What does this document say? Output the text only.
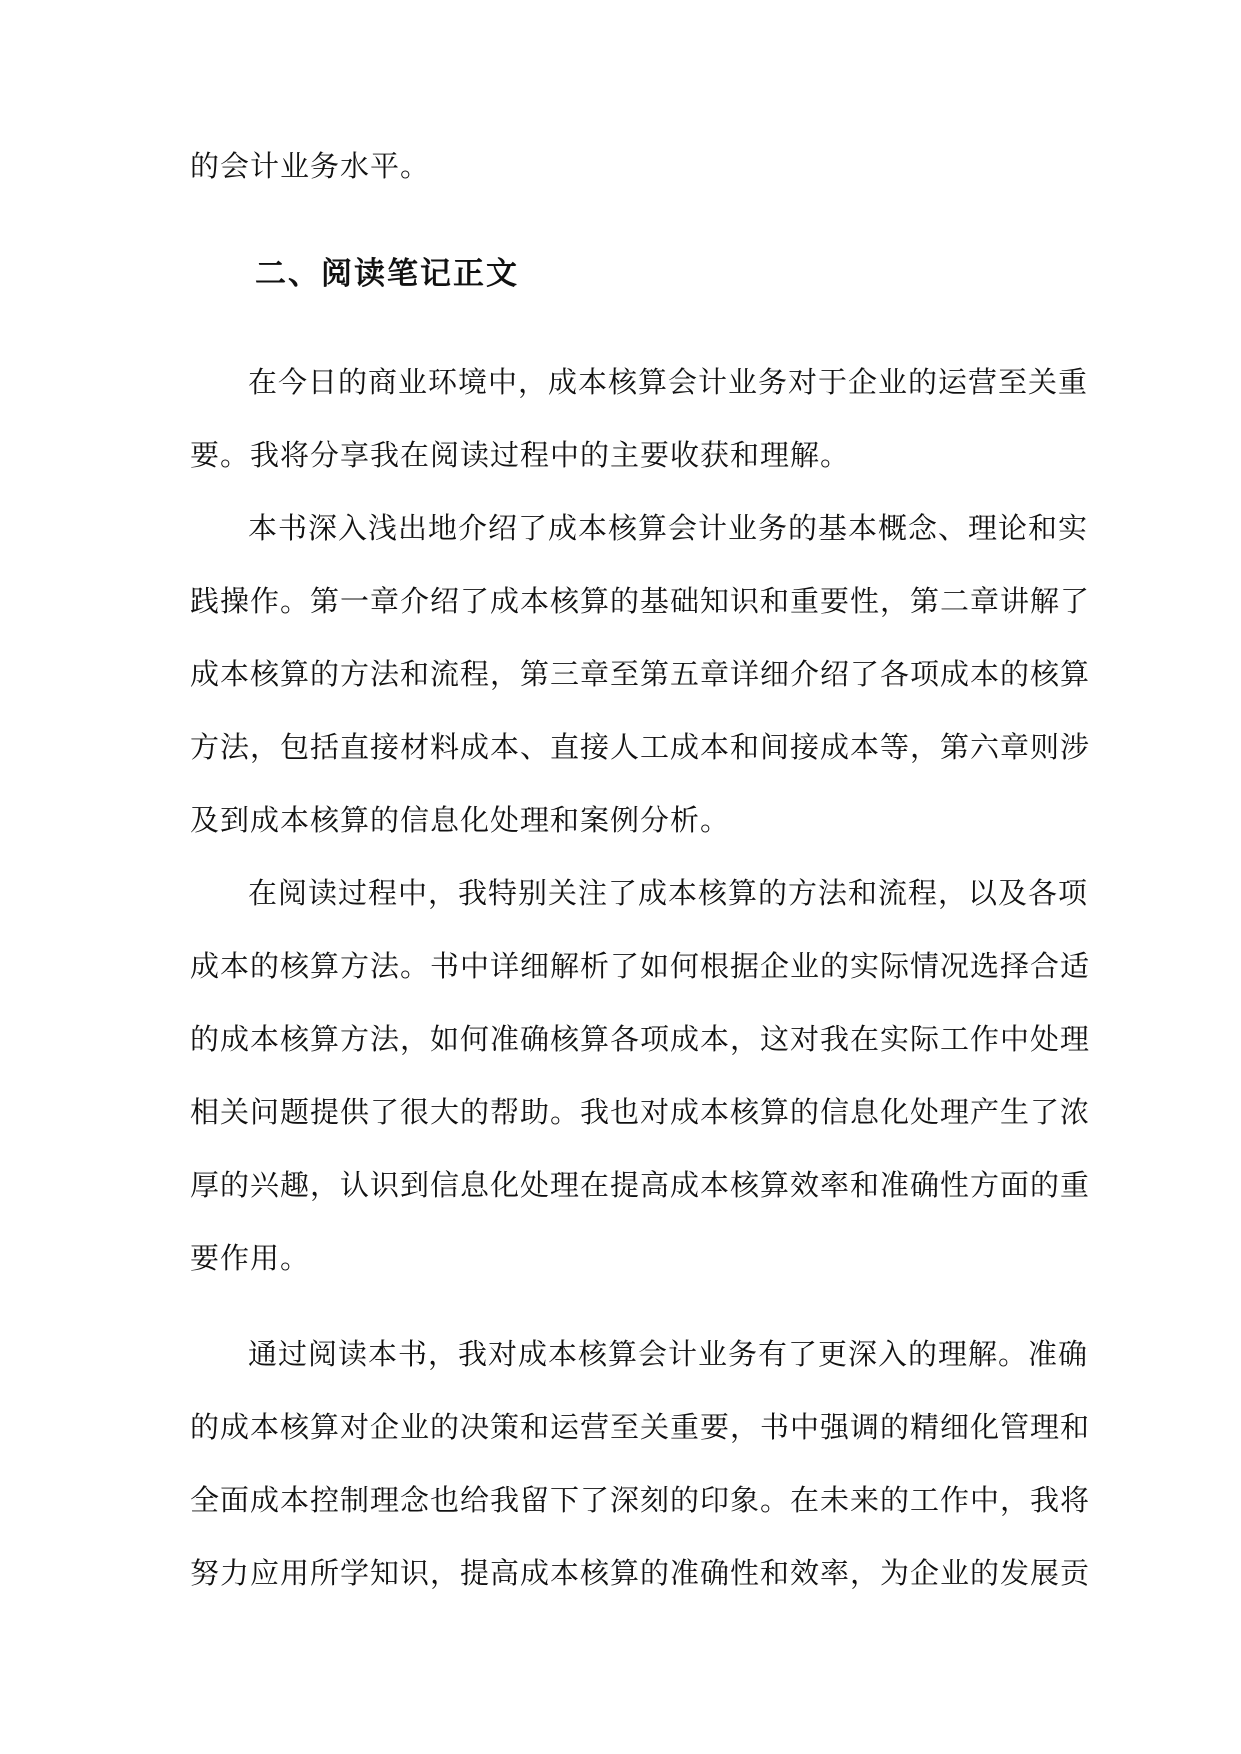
的会计业务水平。
二、阅读笔记正文
在今日的商业环境中，成本核算会计业务对于企业的运营至关重
要。我将分享我在阅读过程中的主要收获和理解。
本书深入浅出地介绍了成本核算会计业务的基本概念、理论和实
践操作。第一章介绍了成本核算的基础知识和重要性，第二章讲解了
成本核算的方法和流程，第三章至第五章详细介绍了各项成本的核算
方法，包括直接材料成本、直接人工成本和间接成本等，第六章则涉
及到成本核算的信息化处理和案例分析。
在阅读过程中，我特别关注了成本核算的方法和流程，以及各项
成本的核算方法。书中详细解析了如何根据企业的实际情况选择合适
的成本核算方法，如何准确核算各项成本，这对我在实际工作中处理
相关问题提供了很大的帮助。我也对成本核算的信息化处理产生了浓
厚的兴趣，认识到信息化处理在提高成本核算效率和准确性方面的重
要作用。
通过阅读本书，我对成本核算会计业务有了更深入的理解。准确
的成本核算对企业的决策和运营至关重要，书中强调的精细化管理和
全面成本控制理念也给我留下了深刻的印象。在未来的工作中，我将
努力应用所学知识，提高成本核算的准确性和效率，为企业的发展贡
